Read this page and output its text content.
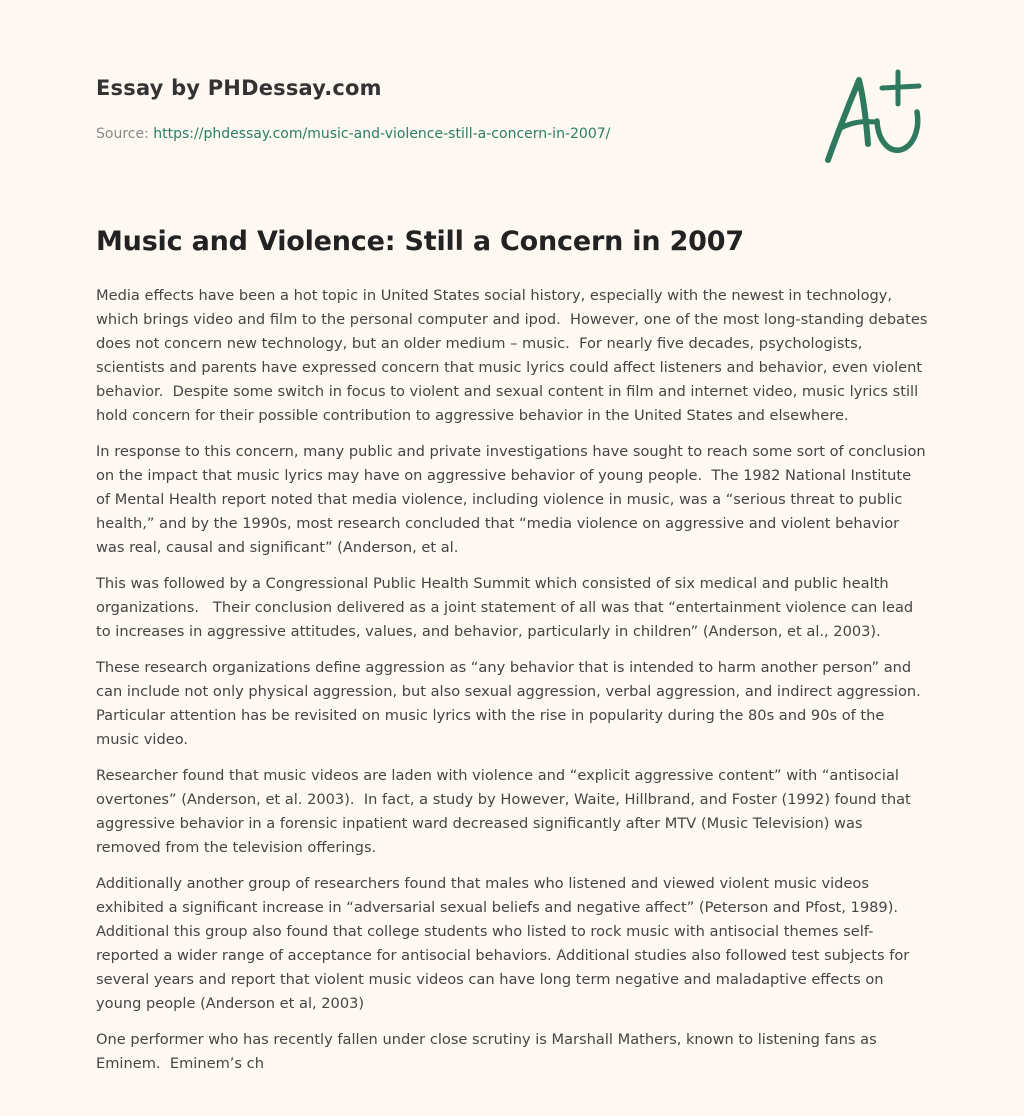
Essay by PHDessay.com
Source: https://phdessay.com/music-and-violence-still-a-concern-in-2007/
Music and Violence: Still a Concern in 2007

Media effects have been a hot topic in United States social history, especially with the newest in technology, which brings video and film to the personal computer and ipod.  However, one of the most long-standing debates does not concern new technology, but an older medium – music.  For nearly five decades, psychologists, scientists and parents have expressed concern that music lyrics could affect listeners and behavior, even violent behavior.  Despite some switch in focus to violent and sexual content in film and internet video, music lyrics still hold concern for their possible contribution to aggressive behavior in the United States and elsewhere.

In response to this concern, many public and private investigations have sought to reach some sort of conclusion on the impact that music lyrics may have on aggressive behavior of young people.  The 1982 National Institute of Mental Health report noted that media violence, including violence in music, was a “serious threat to public health,” and by the 1990s, most research concluded that “media violence on aggressive and violent behavior was real, causal and significant” (Anderson, et al.

This was followed by a Congressional Public Health Summit which consisted of six medical and public health organizations.   Their conclusion delivered as a joint statement of all was that “entertainment violence can lead to increases in aggressive attitudes, values, and behavior, particularly in children” (Anderson, et al., 2003).

These research organizations define aggression as “any behavior that is intended to harm another person” and can include not only physical aggression, but also sexual aggression, verbal aggression, and indirect aggression.  Particular attention has be revisited on music lyrics with the rise in popularity during the 80s and 90s of the music video.

Researcher found that music videos are laden with violence and “explicit aggressive content” with “antisocial overtones” (Anderson, et al. 2003).  In fact, a study by However, Waite, Hillbrand, and Foster (1992) found that aggressive behavior in a forensic inpatient ward decreased significantly after MTV (Music Television) was removed from the television offerings.

Additionally another group of researchers found that males who listened and viewed violent music videos exhibited a significant increase in “adversarial sexual beliefs and negative affect” (Peterson and Pfost, 1989).  Additional this group also found that college students who listed to rock music with antisocial themes self-reported a wider range of acceptance for antisocial behaviors. Additional studies also followed test subjects for several years and report that violent music videos can have long term negative and maladaptive effects on young people (Anderson et al, 2003)

One performer who has recently fallen under close scrutiny is Marshall Mathers, known to listening fans as Eminem.  Eminem’s ch
